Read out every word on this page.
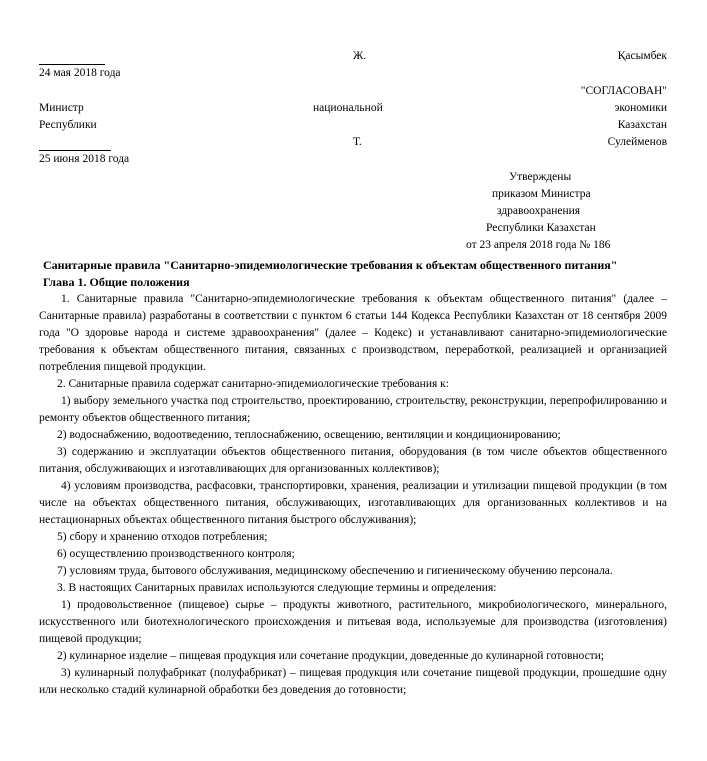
Ж.	Қасымбек
24 мая 2018 года
"СОГЛАСОВАН"
Министр	национальной	экономики
Республики	Казахстан
Т.	Сулейменов
25 июня 2018 года
Утверждены
приказом Министра
здравоохранения
Республики Казахстан
от 23 апреля 2018 года № 186
Санитарные правила "Санитарно-эпидемиологические требования к объектам общественного питания"
Глава 1. Общие положения

1. Санитарные правила "Санитарно-эпидемиологические требования к объектам общественного питания" (далее – Санитарные правила) разработаны в соответствии с пунктом 6 статьи 144 Кодекса Республики Казахстан от 18 сентября 2009 года "О здоровье народа и системе здравоохранения" (далее – Кодекс) и устанавливают санитарно-эпидемиологические требования к объектам общественного питания, связанных с производством, переработкой, реализацией и организацией потребления пищевой продукции.

2. Санитарные правила содержат санитарно-эпидемиологические требования к:

1) выбору земельного участка под строительство, проектированию, строительству, реконструкции, перепрофилированию и ремонту объектов общественного питания;

2) водоснабжению, водоотведению, теплоснабжению, освещению, вентиляции и кондиционированию;

3) содержанию и эксплуатации объектов общественного питания, оборудования (в том числе объектов общественного питания, обслуживающих и изготавливающих для организованных коллективов);

4) условиям производства, расфасовки, транспортировки, хранения, реализации и утилизации пищевой продукции (в том числе на объектах общественного питания, обслуживающих, изготавливающих для организованных коллективов и на нестационарных объектах общественного питания быстрого обслуживания);

5) сбору и хранению отходов потребления;

6) осуществлению производственного контроля;

7) условиям труда, бытового обслуживания, медицинскому обеспечению и гигиеническому обучению персонала.

3. В настоящих Санитарных правилах используются следующие термины и определения:

1) продовольственное (пищевое) сырье – продукты животного, растительного, микробиологического, минерального, искусственного или биотехнологического происхождения и питьевая вода, используемые для производства (изготовления) пищевой продукции;

2) кулинарное изделие – пищевая продукция или сочетание продукции, доведенные до кулинарной готовности;

3) кулинарный полуфабрикат (полуфабрикат) – пищевая продукция или сочетание пищевой продукции, прошедшие одну или несколько стадий кулинарной обработки без доведения до готовности;
